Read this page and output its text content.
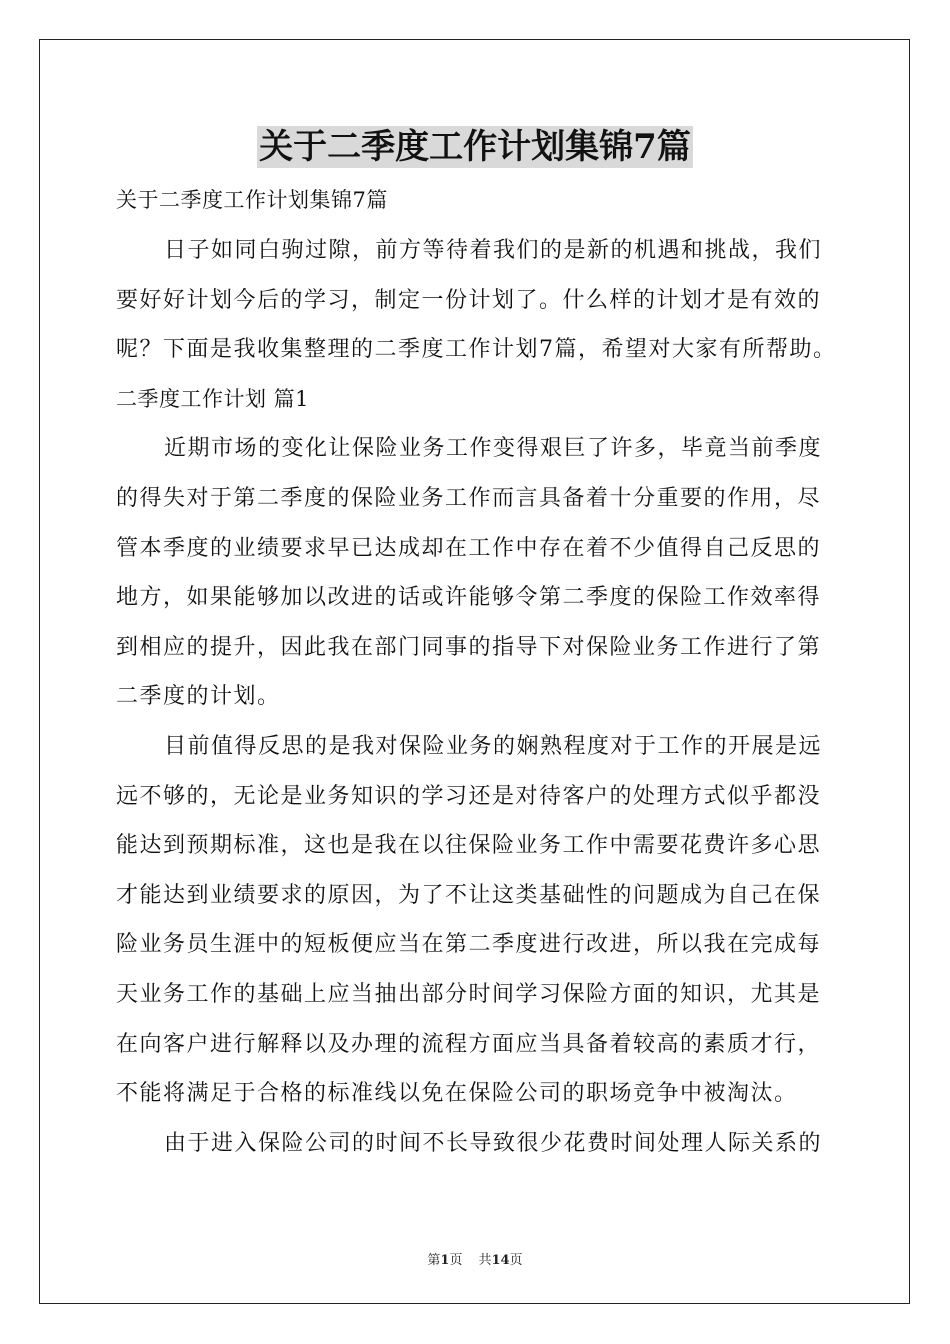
关于二季度工作计划集锦7篇
关于二季度工作计划集锦7篇
日子如同白驹过隙，前方等待着我们的是新的机遇和挑战，我们
要好好计划今后的学习，制定一份计划了。什么样的计划才是有效的
呢？下面是我收集整理的二季度工作计划7篇，希望对大家有所帮助。
二季度工作计划 篇1
近期市场的变化让保险业务工作变得艰巨了许多，毕竟当前季度
的得失对于第二季度的保险业务工作而言具备着十分重要的作用，尽
管本季度的业绩要求早已达成却在工作中存在着不少值得自己反思的
地方，如果能够加以改进的话或许能够令第二季度的保险工作效率得
到相应的提升，因此我在部门同事的指导下对保险业务工作进行了第
二季度的计划。
目前值得反思的是我对保险业务的娴熟程度对于工作的开展是远
远不够的，无论是业务知识的学习还是对待客户的处理方式似乎都没
能达到预期标准，这也是我在以往保险业务工作中需要花费许多心思
才能达到业绩要求的原因，为了不让这类基础性的问题成为自己在保
险业务员生涯中的短板便应当在第二季度进行改进，所以我在完成每
天业务工作的基础上应当抽出部分时间学习保险方面的知识，尤其是
在向客户进行解释以及办理的流程方面应当具备着较高的素质才行，
不能将满足于合格的标准线以免在保险公司的职场竞争中被淘汰。
由于进入保险公司的时间不长导致很少花费时间处理人际关系的
第1页 共14页
